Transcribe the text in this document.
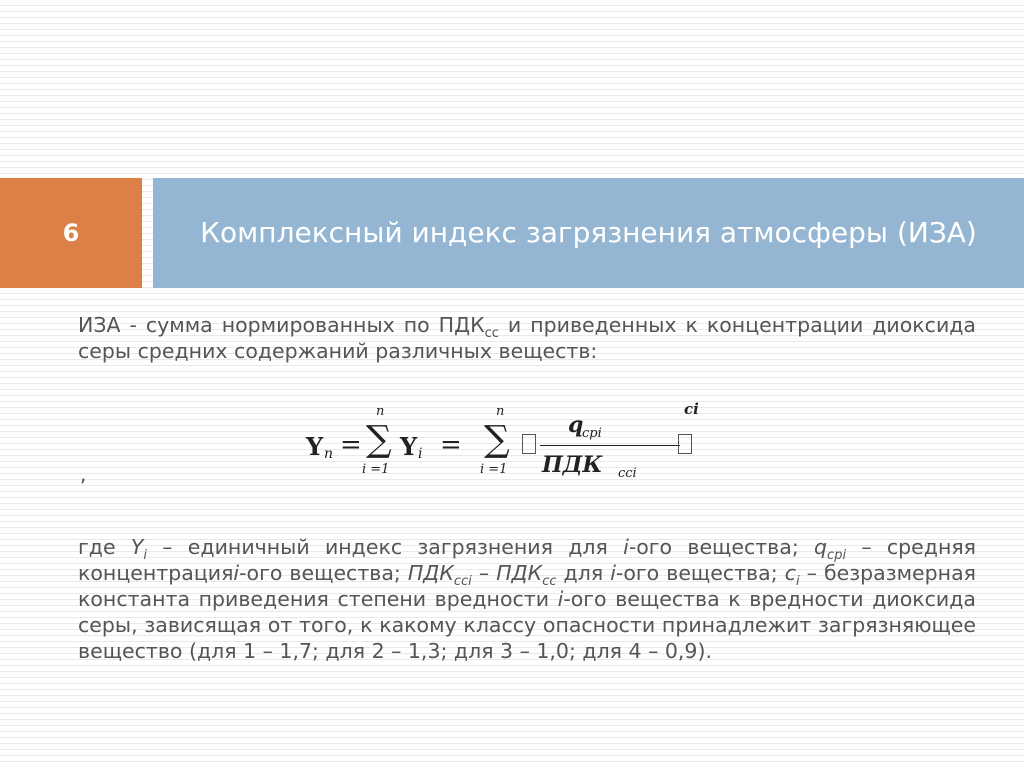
6	Комплексный индекс загрязнения атмосферы (ИЗА)
ИЗА - сумма нормированных по $ПДК_{сс}$ и приведенных к концентрации диоксида серы средних содержаний различных веществ:
Y n =
n
∑
i =1
Y i =
n
∑
i =1
q
cpi
ПДК cci
ci
,
где $Y_i$ – единичный индекс загрязнения для i-ого вещества; $q_{срi}$ – средняя концентрацияi-ого вещества; $ПДК_{ссi} - ПДК_{сс}$ для i-ого вещества; $с_i$ – безразмерная константа приведения степени вредности i-ого вещества к вредности диоксида серы, зависящая от того, к какому классу опасности принадлежит загрязняющее вещество (для 1 – 1,7; для 2 – 1,3; для 3 – 1,0; для 4 – 0,9).
